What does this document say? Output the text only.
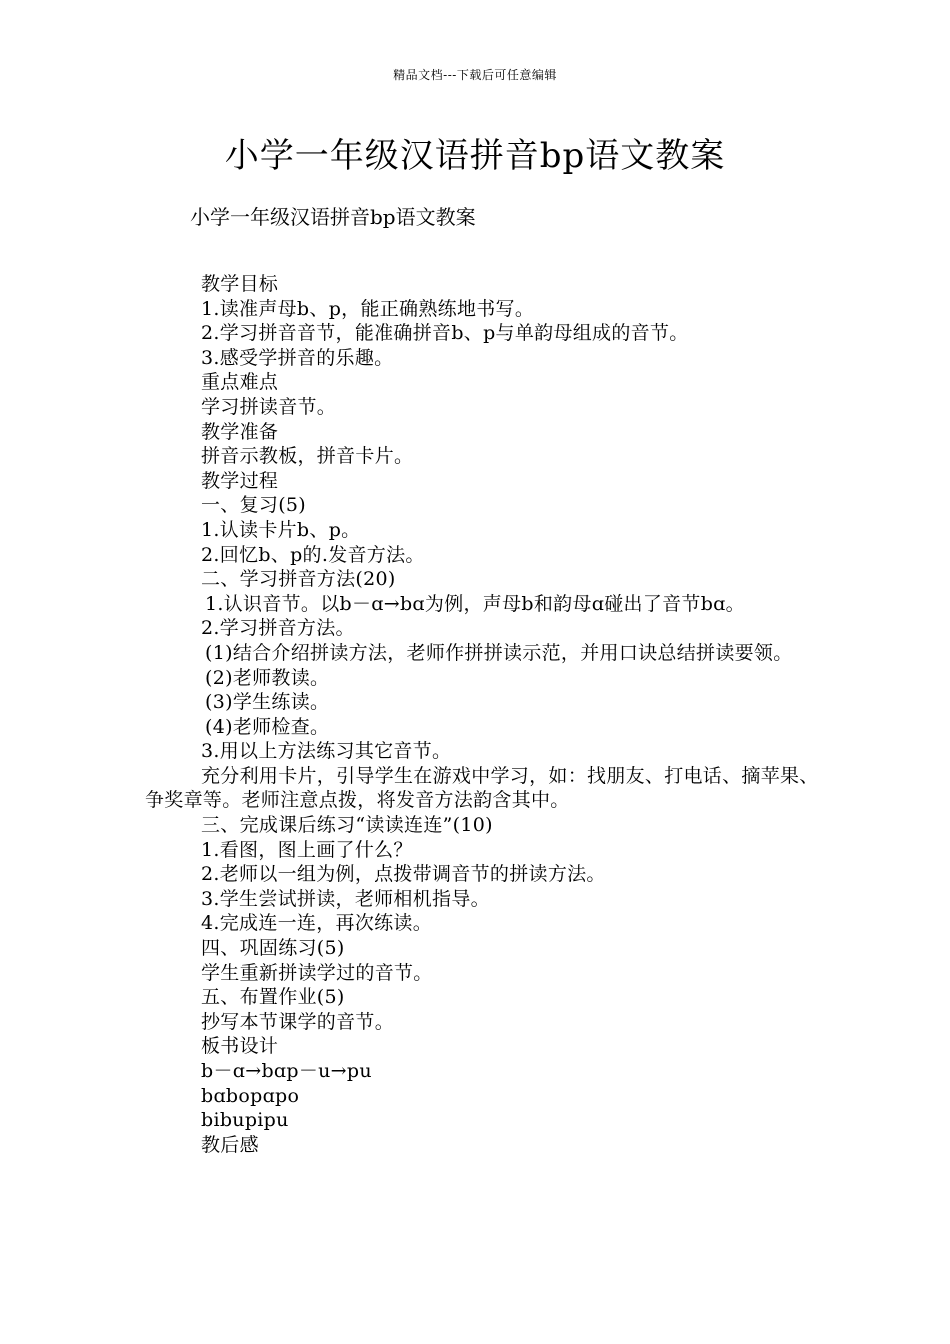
精品文档---下载后可任意编辑
小学一年级汉语拼音bp语文教案
小学一年级汉语拼音bp语文教案
教学目标
1.读准声母b、p，能正确熟练地书写。
2.学习拼音音节，能准确拼音b、p与单韵母组成的音节。
3.感受学拼音的乐趣。
重点难点
学习拼读音节。
教学准备
拼音示教板，拼音卡片。
教学过程
一、复习(5)
1.认读卡片b、p。
2.回忆b、p的.发音方法。
二、学习拼音方法(20)
1.认识音节。以b－ɑ→bɑ为例，声母b和韵母ɑ碰出了音节bɑ。
2.学习拼音方法。
(1)结合介绍拼读方法，老师作拼拼读示范，并用口诀总结拼读要领。
(2)老师教读。
(3)学生练读。
(4)老师检查。
3.用以上方法练习其它音节。
充分利用卡片，引导学生在游戏中学习，如：找朋友、打电话、摘苹果、争奖章等。老师注意点拨，将发音方法韵含其中。
三、完成课后练习“读读连连”(10)
1.看图，图上画了什么？
2.老师以一组为例，点拨带调音节的拼读方法。
3.学生尝试拼读，老师相机指导。
4.完成连一连，再次练读。
四、巩固练习(5)
学生重新拼读学过的音节。
五、布置作业(5)
抄写本节课学的音节。
板书设计
b－ɑ→bɑp－u→pu
bɑbopɑpo
bibupipu
教后感
